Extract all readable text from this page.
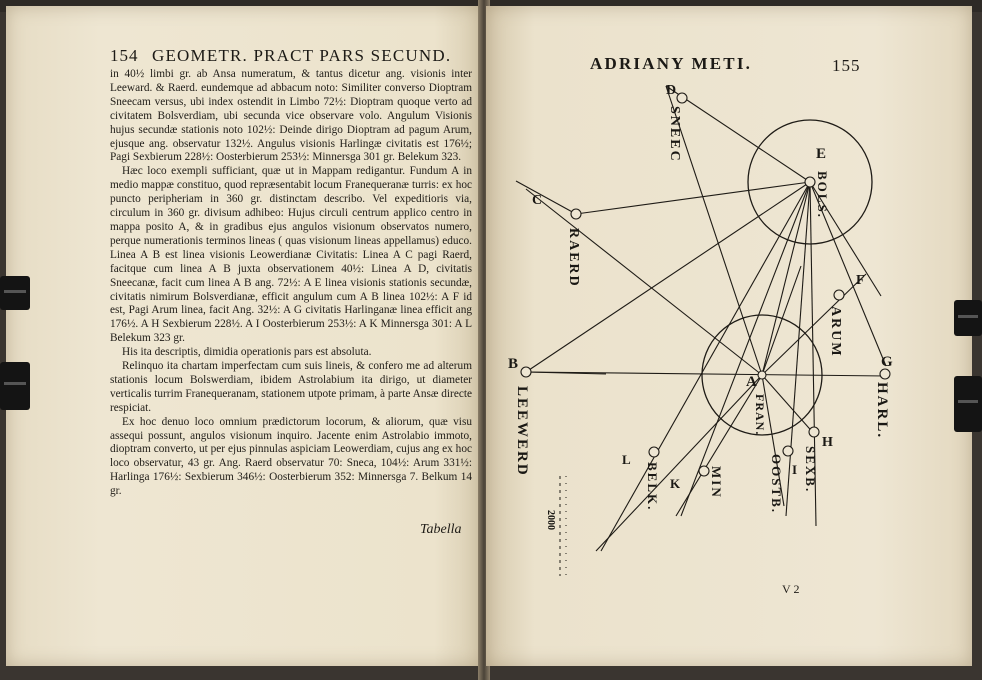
154 GEOMETR. PRACT PARS SECUND.

in 40½ limbi gr. ab Ansa numeratum, & tantus dicetur ang. visionis inter Leeward. & Raerd. eundemque ad abbacum noto: Similiter converso Dioptram Sneecam versus, ubi index ostendit in Limbo 72½: Dioptram quoque verto ad civitatem Bolsverdiam, ubi secunda vice observare volo. Angulum Visionis hujus secundæ stationis noto 102½: Deinde dirigo Dioptram ad pagum Arum, ejusque ang. observatur 132½. Angulus visionis Harlingæ civitatis est 176½; Pagi Sexbierum 228½: Oosterbierum 253½: Minnersga 301 gr. Belekum 323.

Hæc loco exempli sufficiant, quæ ut in Mappam redigantur. Fundum A in medio mappæ constituo, quod repræsentabit locum Franequeranæ turris: ex hoc puncto peripheriam in 360 gr. distinctam describo. Vel expeditioris via, circulum in 360 gr. divisum adhibeo: Hujus circuli centrum applico centro in mappa posito A, & in gradibus ejus angulos visionum observatos numero, perque numerationis terminos lineas ( quas visionum lineas appellamus) educo. Linea A B est linea visionis Leowerdianæ Civitatis: Linea A C pagi Raerd, facitque cum linea A B juxta observationem 40½: Linea A D, civitatis Sneecanæ, facit cum linea A B ang. 72½: A E linea visionis stationis secundæ, civitatis nimirum Bolsverdianæ, efficit angulum cum A B linea 102½: A F id est, Pagi Arum linea, facit Ang. 32½: A G civitatis Harlinganæ linea efficit ang 176½. A H Sexbierum 228½. A I Oosterbierum 253½: A K Minnersga 301: A L Belekum 323 gr.

His ita descriptis, dimidia operationis pars est absoluta.

Relinquo ita chartam imperfectam cum suis lineis, & confero me ad alterum stationis locum Bolswerdiam, ibidem Astrolabium ita dirigo, ut diameter verticalis turrim Franequeranam, stationem utpote primam, à parte Ansæ directe respiciat.

Ex hoc denuo loco omnium prædictorum locorum, & aliorum, quæ visu assequi possunt, angulos visionum inquiro. Jacente enim Astrolabio immoto, dioptram converto, ut per ejus pinnulas aspiciam Leowerdiam, cujus ang ex hoc loco observatur, 43 gr. Ang. Raerd observatur 70: Sneca, 104½: Arum 331½: Harlinga 176½: Sexbierum 346½: Oosterbierum 352: Minnersga 7. Belkum 14 gr.

Tabella
ADRIANY METI.	155
B
C
D
E
F
G
H
I
K
L
A
SNEEC
BOLS.
RAERD
ARUM
HARL.
LEEWERD	FRAN.
SEXB.
OOSTB.
MIN
BELK.
2000
V 2
